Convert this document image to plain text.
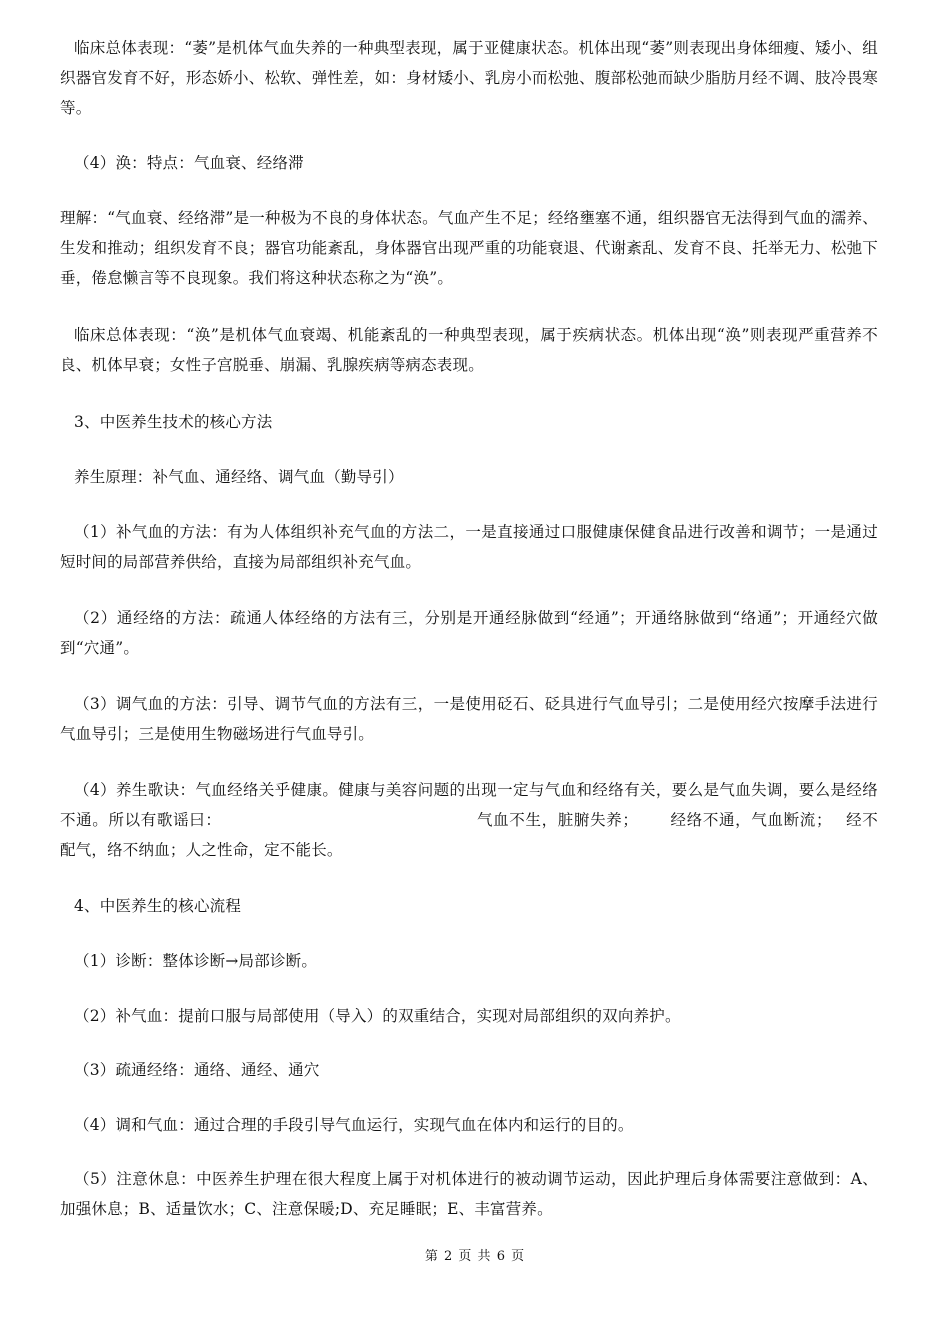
临床总体表现：“萎”是机体气血失养的一种典型表现，属于亚健康状态。机体出现“萎”则表现出身体细瘦、矮小、组织器官发育不好，形态娇小、松软、弹性差，如：身材矮小、乳房小而松弛、腹部松弛而缺少脂肪月经不调、肢冷畏寒等。

（4）涣：特点：气血衰、经络滞

理解：“气血衰、经络滞”是一种极为不良的身体状态。气血产生不足；经络壅塞不通，组织器官无法得到气血的濡养、生发和推动；组织发育不良；器官功能紊乱，身体器官出现严重的功能衰退、代谢紊乱、发育不良、托举无力、松弛下垂，倦怠懒言等不良现象。我们将这种状态称之为“涣”。

临床总体表现：“涣”是机体气血衰竭、机能紊乱的一种典型表现，属于疾病状态。机体出现“涣”则表现严重营养不良、机体早衰；女性子宫脱垂、崩漏、乳腺疾病等病态表现。

3、中医养生技术的核心方法

养生原理：补气血、通经络、调气血（勤导引）

（1）补气血的方法：有为人体组织补充气血的方法二，一是直接通过口服健康保健食品进行改善和调节；一是通过短时间的局部营养供给，直接为局部组织补充气血。

（2）通经络的方法：疏通人体经络的方法有三，分别是开通经脉做到“经通”；开通络脉做到“络通”；开通经穴做到“穴通”。

（3）调气血的方法：引导、调节气血的方法有三，一是使用砭石、砭具进行气血导引；二是使用经穴按摩手法进行气血导引；三是使用生物磁场进行气血导引。

（4）养生歌诀：气血经络关乎健康。健康与美容问题的出现一定与气血和经络有关，要么是气血失调，要么是经络不通。所以有歌谣曰：	气血不生，脏腑失养； 经络不通，气血断流； 经不配气，络不纳血；人之性命，定不能长。

4、中医养生的核心流程

（1）诊断：整体诊断→局部诊断。

（2）补气血：提前口服与局部使用（导入）的双重结合，实现对局部组织的双向养护。

（3）疏通经络：通络、通经、通穴

（4）调和气血：通过合理的手段引导气血运行，实现气血在体内和运行的目的。

（5）注意休息：中医养生护理在很大程度上属于对机体进行的被动调节运动，因此护理后身体需要注意做到：A、加强休息；B、适量饮水；C、注意保暖;D、充足睡眠；E、丰富营养。

第 2 页 共 6 页
